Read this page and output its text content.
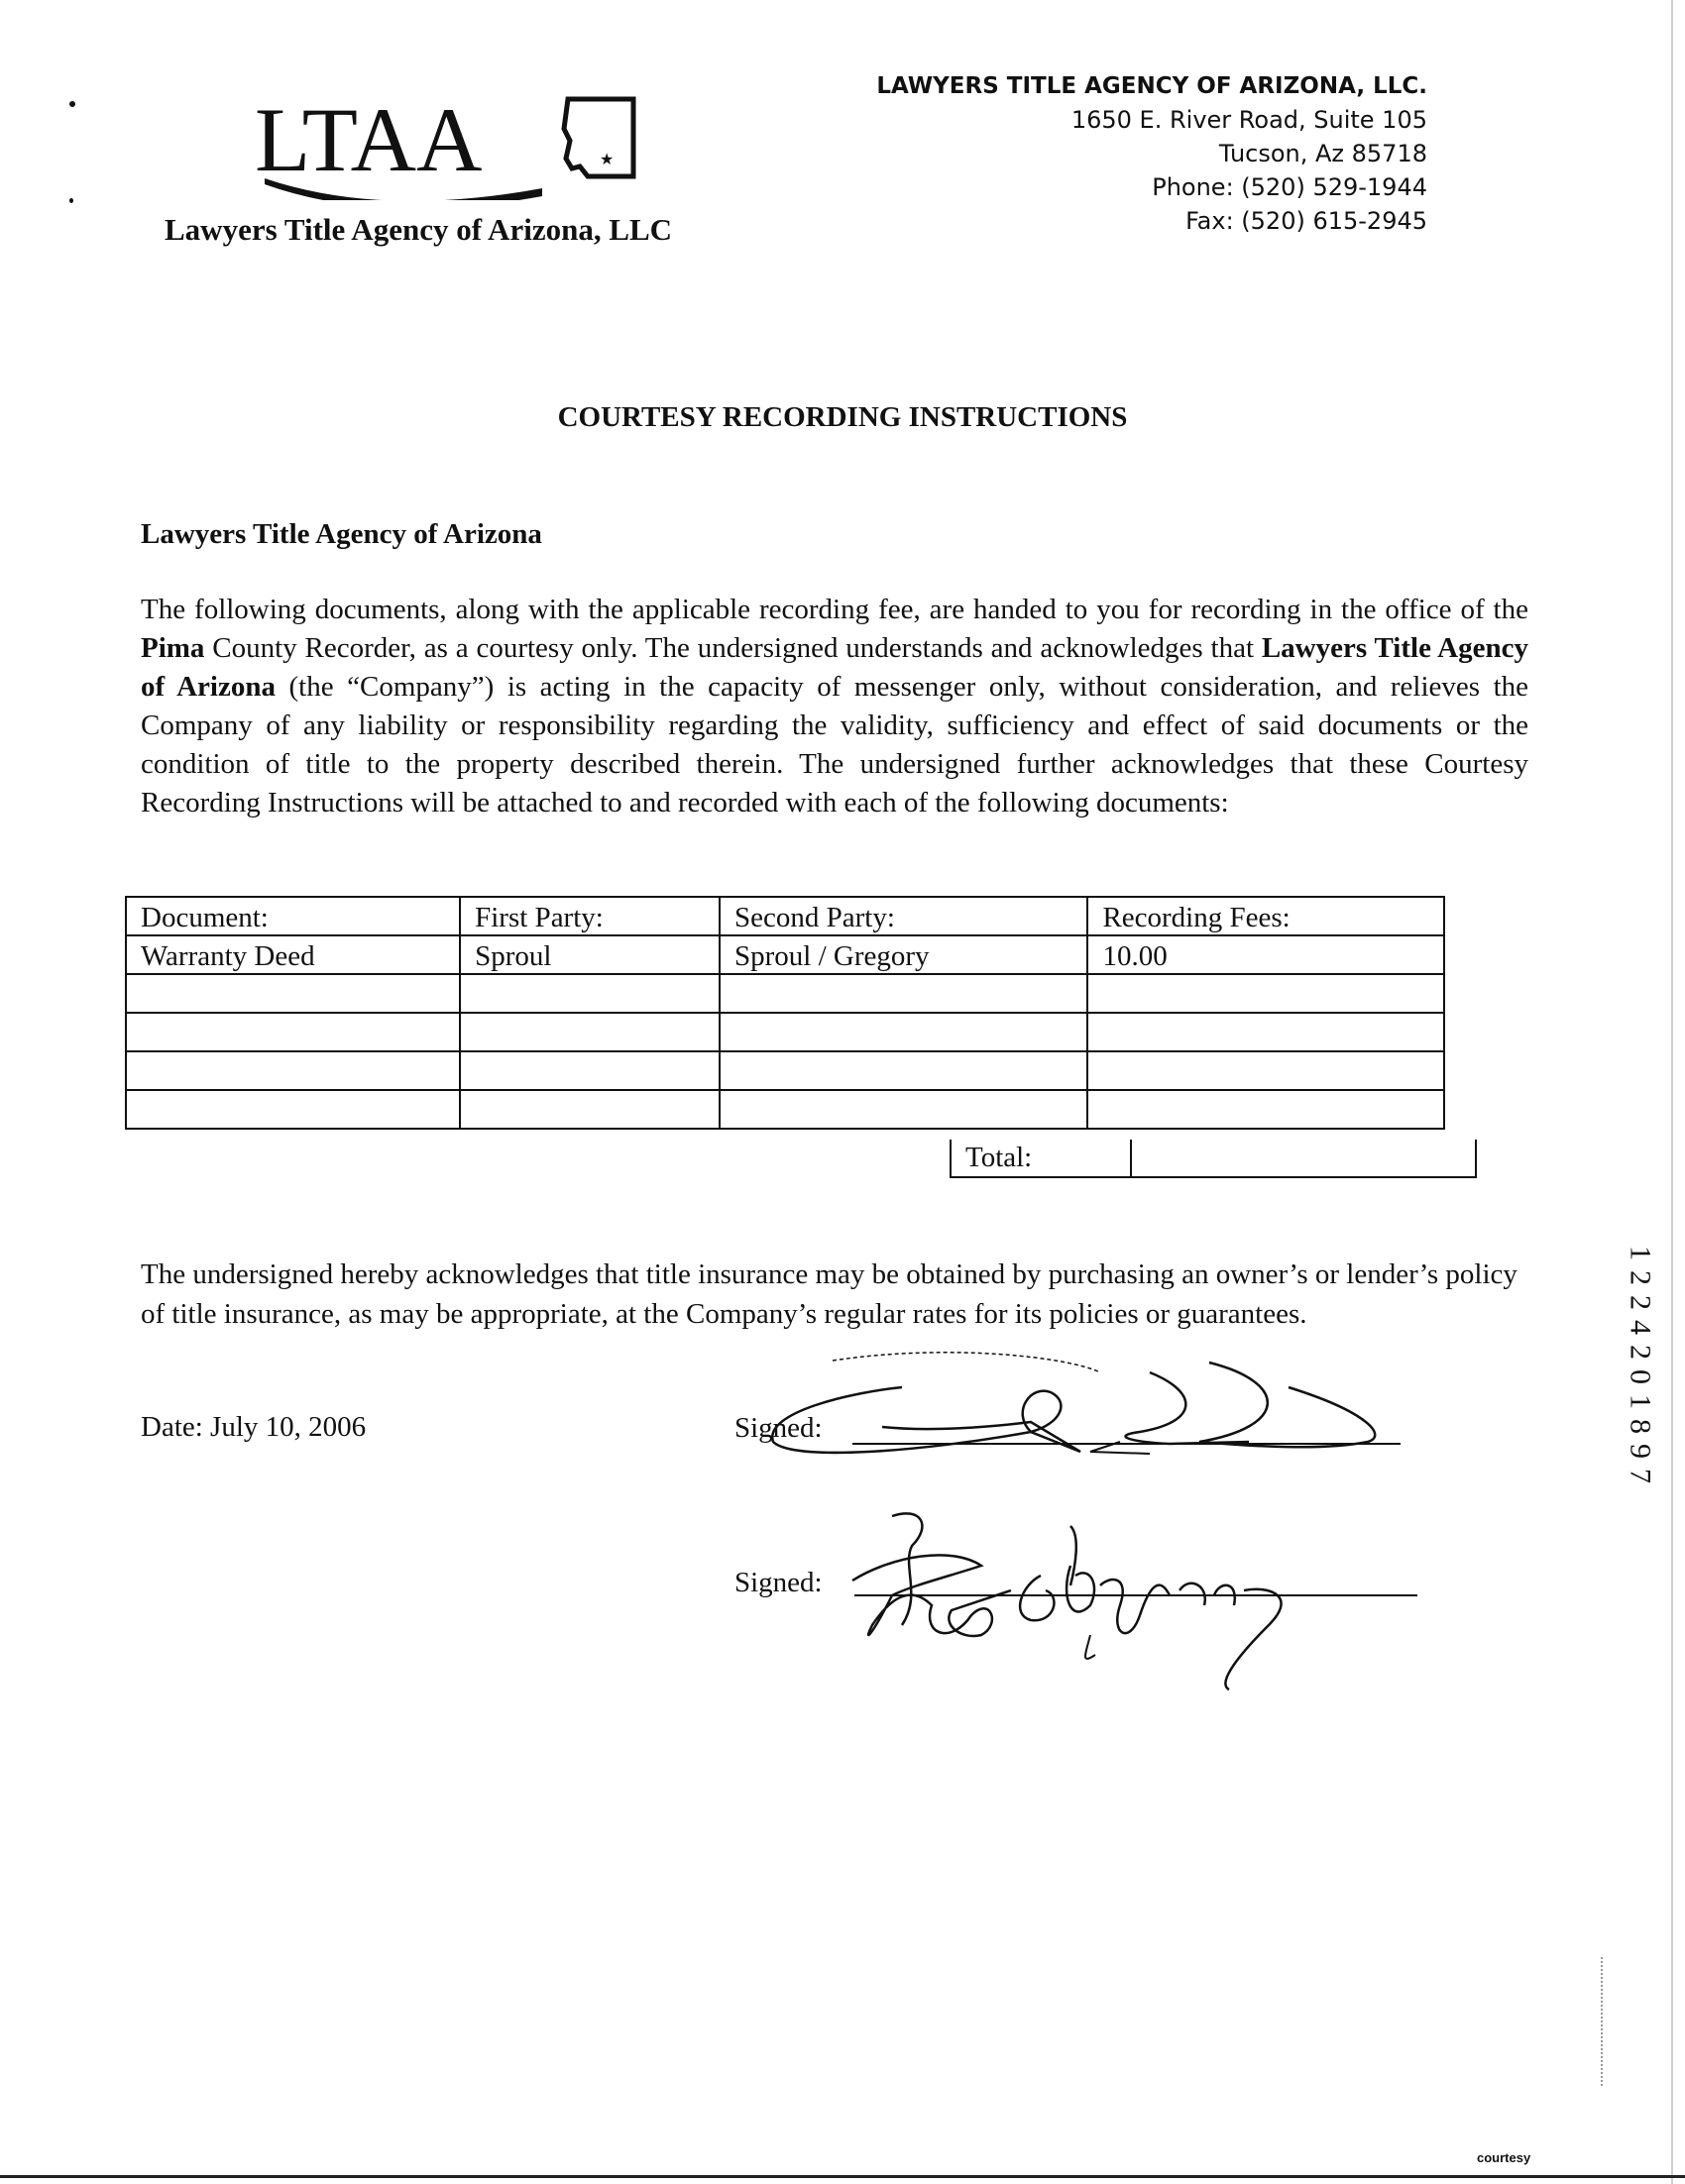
LTAA	★
Lawyers Title Agency of Arizona, LLC
LAWYERS TITLE AGENCY OF ARIZONA, LLC.
1650 E. River Road, Suite 105
Tucson, Az 85718
Phone: (520) 529-1944
Fax: (520) 615-2945
COURTESY RECORDING INSTRUCTIONS
Lawyers Title Agency of Arizona
The following documents, along with the applicable recording fee, are handed to you for recording in the office of the Pima County Recorder, as a courtesy only. The undersigned understands and acknowledges that Lawyers Title Agency of Arizona (the “Company”) is acting in the capacity of messenger only, without consideration, and relieves the Company of any liability or responsibility regarding the validity, sufficiency and effect of said documents or the condition of title to the property described therein. The undersigned further acknowledges that these Courtesy Recording Instructions will be attached to and recorded with each of the following documents:
Document:	First Party:	Second Party:	Recording Fees:
Warranty Deed	Sproul	Sproul / Gregory	10.00

Total:
The undersigned hereby acknowledges that title insurance may be obtained by purchasing an owner’s or lender’s policy of title insurance, as may be appropriate, at the Company’s regular rates for its policies or guarantees.
Date: July 10, 2006	Signed:
Signed:
1
2
2
4
2
0
1
8
9
7
courtesy
